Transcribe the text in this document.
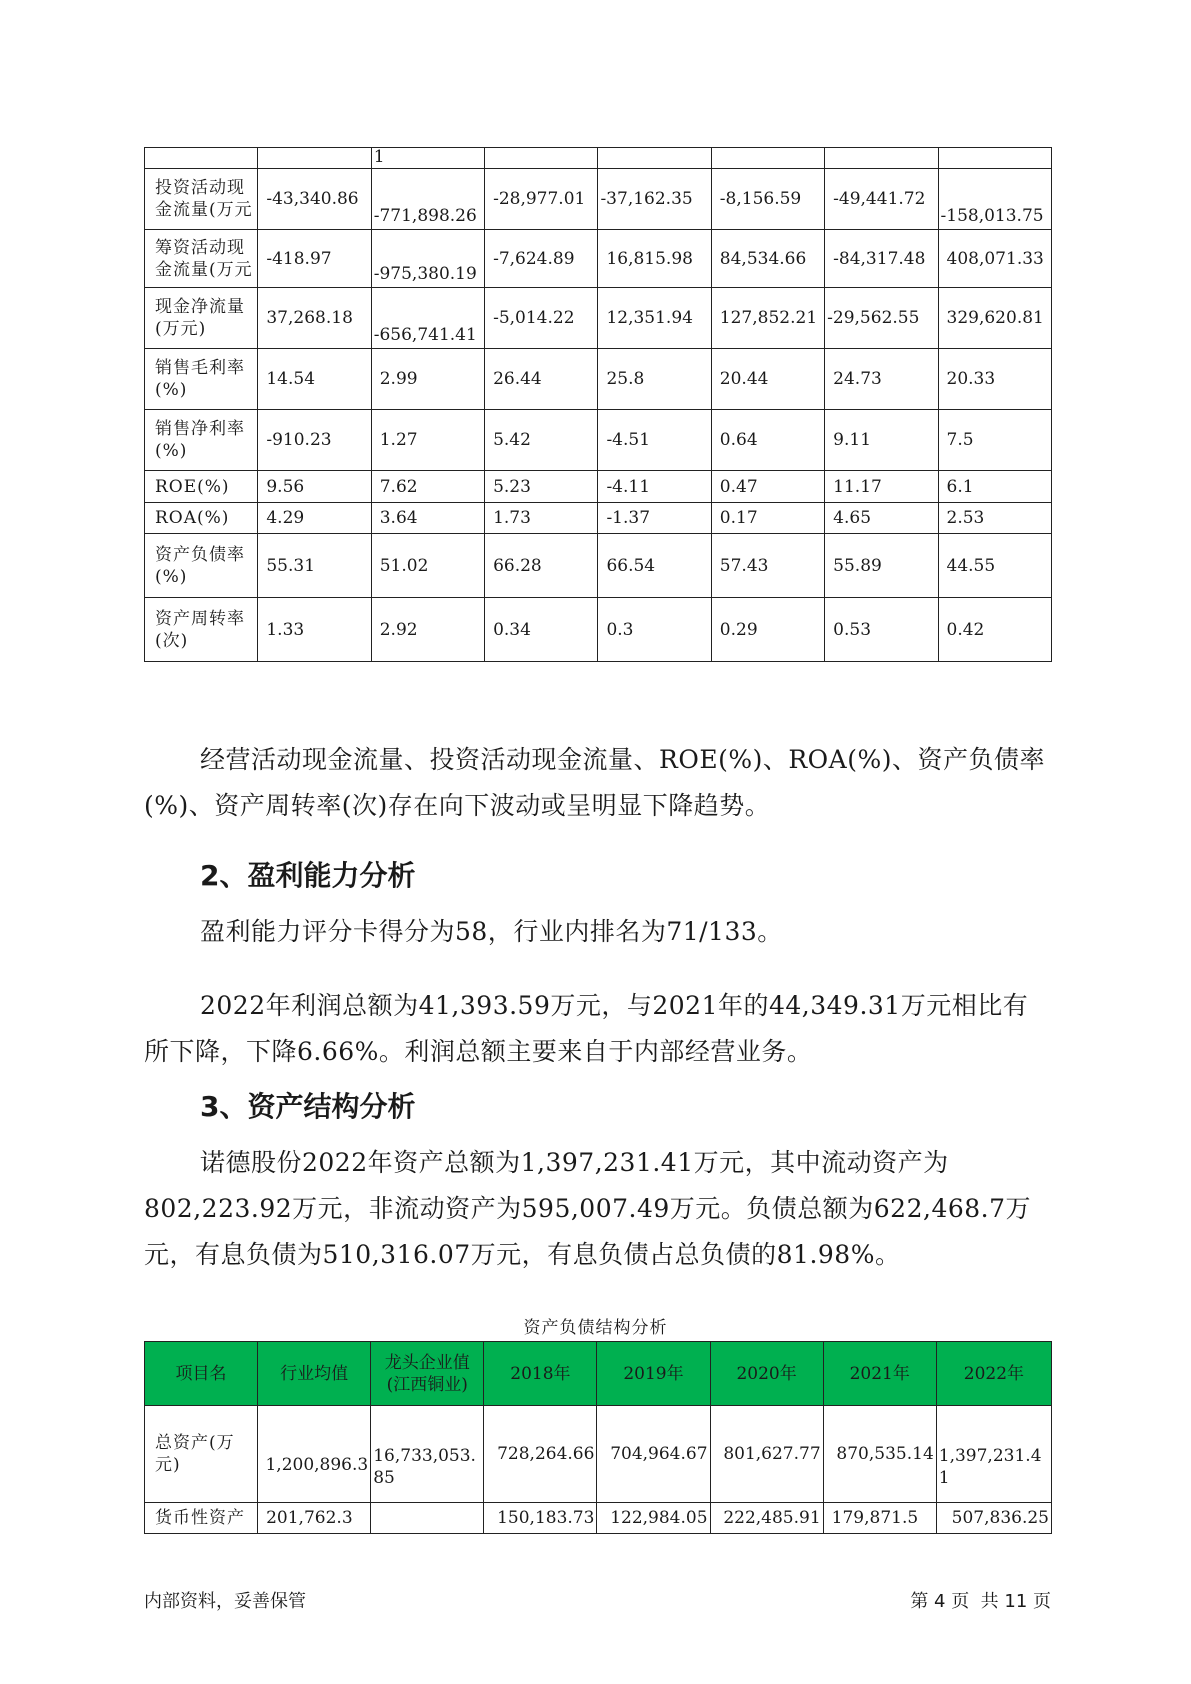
		1					
投资活动现金流量(万元	-43,340.86	-771,898.26	-28,977.01	-37,162.35	-8,156.59	-49,441.72	-158,013.75
筹资活动现金流量(万元	-418.97	-975,380.19	-7,624.89	16,815.98	84,534.66	-84,317.48	408,071.33
现金净流量(万元)	37,268.18	-656,741.41	-5,014.22	12,351.94	127,852.21	-29,562.55	329,620.81
销售毛利率(%)	14.54	2.99	26.44	25.8	20.44	24.73	20.33
销售净利率(%)	-910.23	1.27	5.42	-4.51	0.64	9.11	7.5
ROE(%)	9.56	7.62	5.23	-4.11	0.47	11.17	6.1
ROA(%)	4.29	3.64	1.73	-1.37	0.17	4.65	2.53
资产负债率(%)	55.31	51.02	66.28	66.54	57.43	55.89	44.55
资产周转率(次)	1.33	2.92	0.34	0.3	0.29	0.53	0.42

经营活动现金流量、投资活动现金流量、ROE(%)、ROA(%)、资产负债率(%)、资产周转率(次)存在向下波动或呈明显下降趋势。

2、盈利能力分析

盈利能力评分卡得分为58，行业内排名为71/133。

2022年利润总额为41,393.59万元，与2021年的44,349.31万元相比有所下降，下降6.66%。利润总额主要来自于内部经营业务。

3、资产结构分析

诺德股份2022年资产总额为1,397,231.41万元，其中流动资产为802,223.92万元，非流动资产为595,007.49万元。负债总额为622,468.7万元，有息负债为510,316.07万元，有息负债占总负债的81.98%。

资产负债结构分析
项目名	行业均值	龙头企业值(江西铜业)	2018年	2019年	2020年	2021年	2022年
总资产(万元)	1,200,896.3	16,733,053.85	728,264.66	704,964.67	801,627.77	870,535.14	1,397,231.41
货币性资产	201,762.3		150,183.73	122,984.05	222,485.91	179,871.5	507,836.25
内部资料，妥善保管	第 4 页  共 11 页
